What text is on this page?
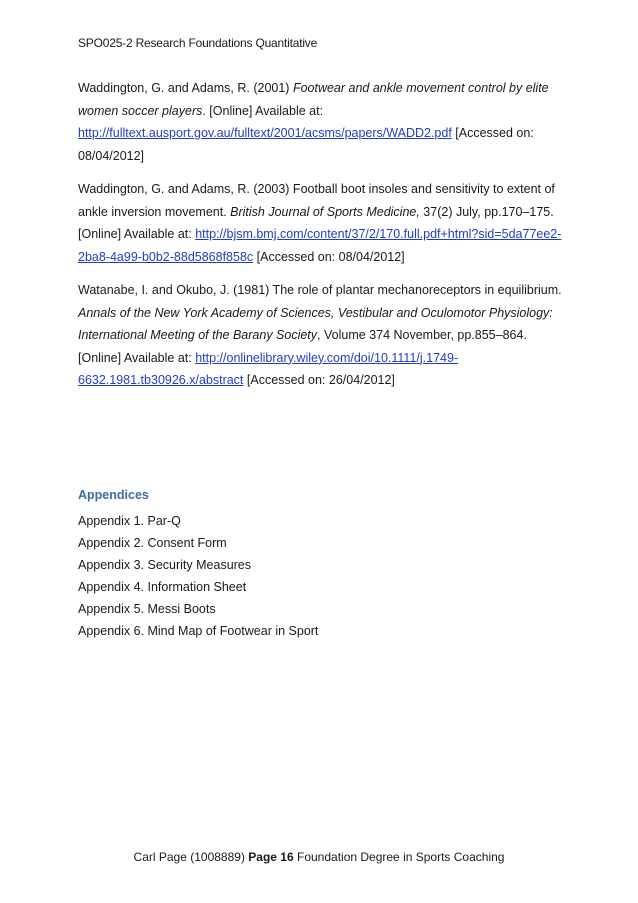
SPO025-2 Research Foundations Quantitative

Waddington, G. and Adams, R. (2001) Footwear and ankle movement control by elite women soccer players. [Online] Available at: http://fulltext.ausport.gov.au/fulltext/2001/acsms/papers/WADD2.pdf [Accessed on: 08/04/2012]

Waddington, G. and Adams, R. (2003) Football boot insoles and sensitivity to extent of ankle inversion movement. British Journal of Sports Medicine, 37(2) July, pp.170–175. [Online] Available at: http://bjsm.bmj.com/content/37/2/170.full.pdf+html?sid=5da77ee2-2ba8-4a99-b0b2-88d5868f858c [Accessed on: 08/04/2012]

Watanabe, I. and Okubo, J. (1981) The role of plantar mechanoreceptors in equilibrium. Annals of the New York Academy of Sciences, Vestibular and Oculomotor Physiology: International Meeting of the Barany Society, Volume 374 November, pp.855–864. [Online] Available at: http://onlinelibrary.wiley.com/doi/10.1111/j.1749-6632.1981.tb30926.x/abstract [Accessed on: 26/04/2012]

Appendices
Appendix 1. Par-Q
Appendix 2. Consent Form
Appendix 3. Security Measures
Appendix 4. Information Sheet
Appendix 5. Messi Boots
Appendix 6. Mind Map of Footwear in Sport
Carl Page (1008889) Page 16 Foundation Degree in Sports Coaching
